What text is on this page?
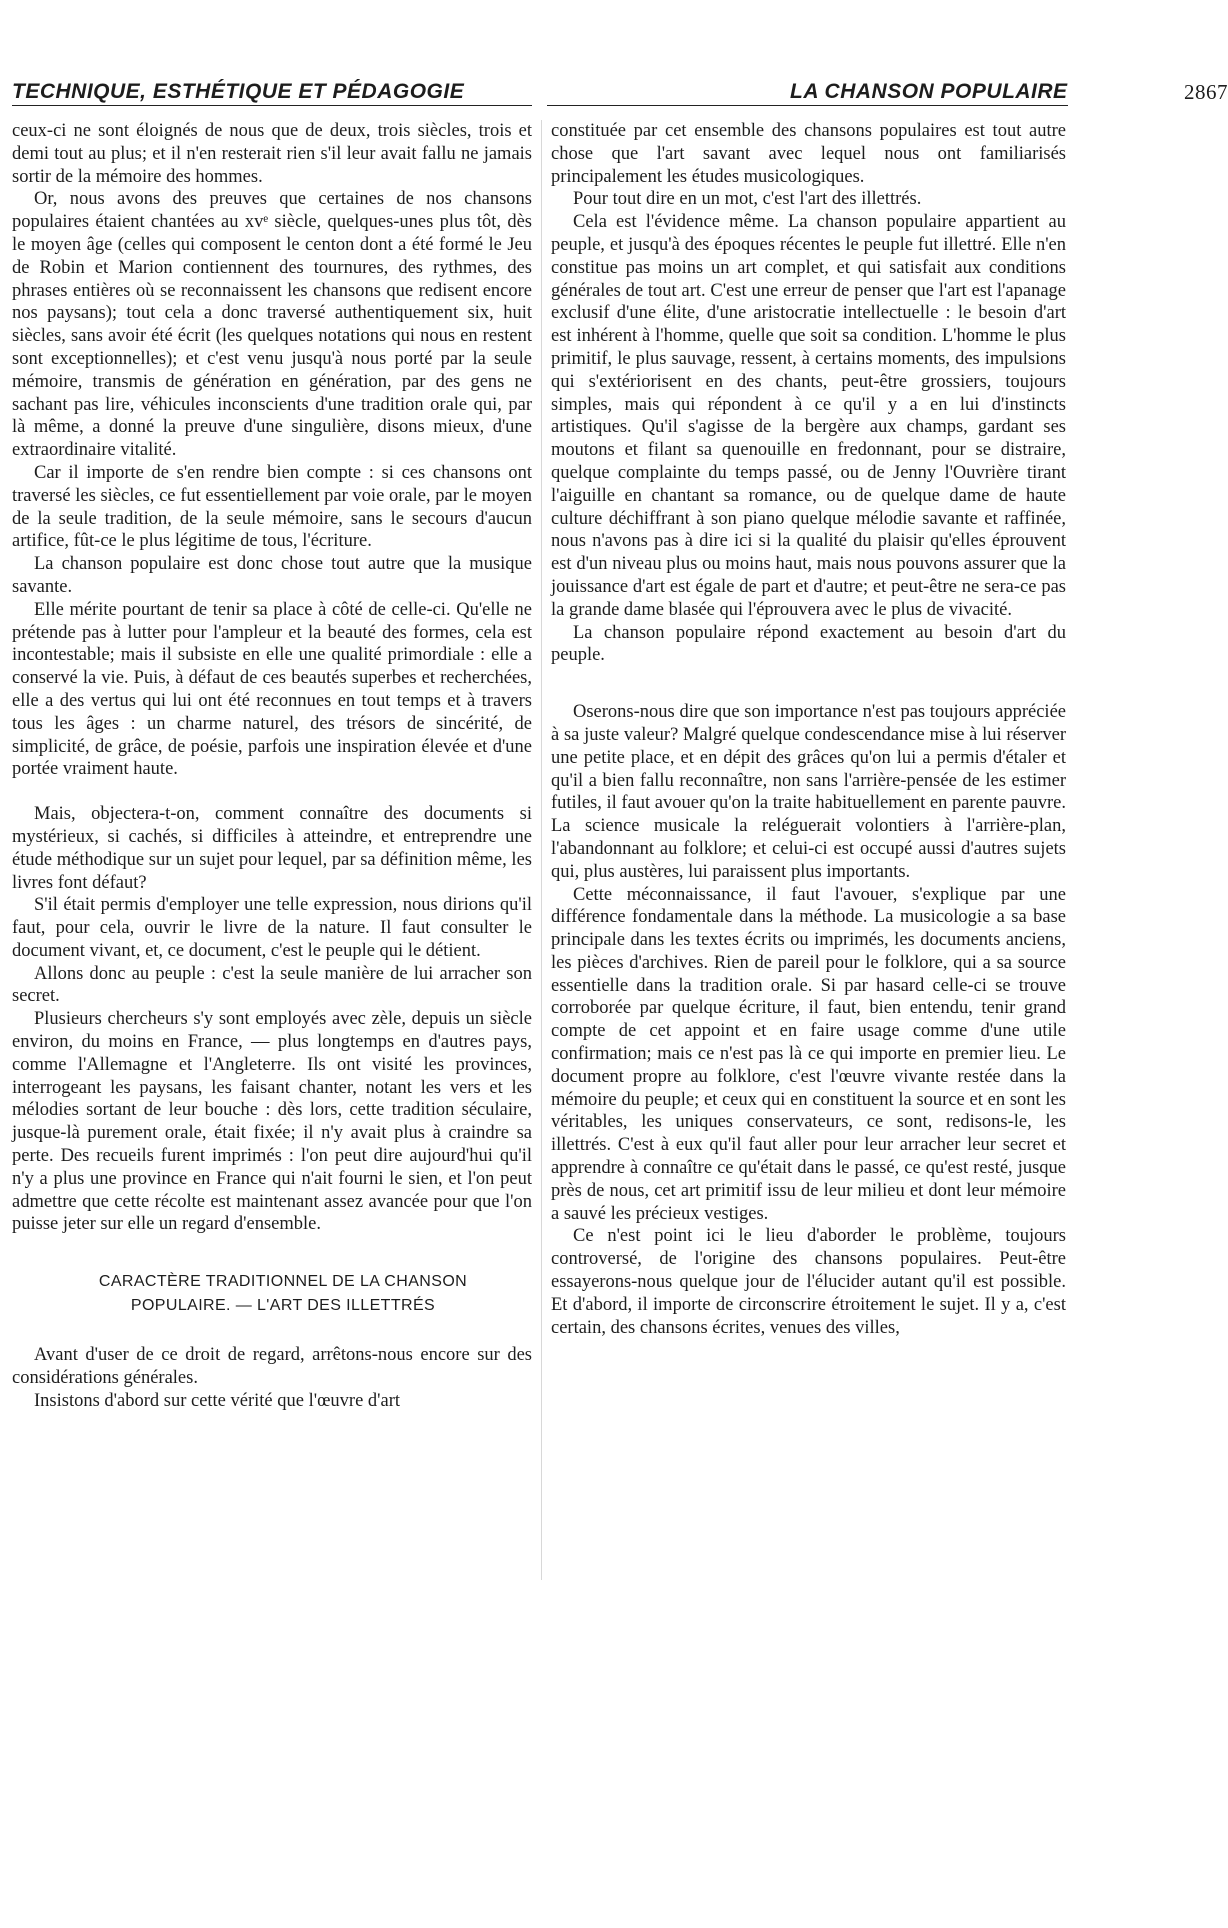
TECHNIQUE, ESTHÉTIQUE ET PÉDAGOGIE	LA CHANSON POPULAIRE	2867

ceux-ci ne sont éloignés de nous que de deux, trois siècles, trois et demi tout au plus; et il n'en resterait rien s'il leur avait fallu ne jamais sortir de la mémoire des hommes.

Or, nous avons des preuves que certaines de nos chansons populaires étaient chantées au xvᵉ siècle, quelques-unes plus tôt, dès le moyen âge (celles qui composent le centon dont a été formé le Jeu de Robin et Marion contiennent des tournures, des rythmes, des phrases entières où se reconnaissent les chansons que redisent encore nos paysans); tout cela a donc traversé authentiquement six, huit siècles, sans avoir été écrit (les quelques notations qui nous en restent sont exceptionnelles); et c'est venu jusqu'à nous porté par la seule mémoire, transmis de génération en génération, par des gens ne sachant pas lire, véhicules inconscients d'une tradition orale qui, par là même, a donné la preuve d'une singulière, disons mieux, d'une extraordinaire vitalité.

Car il importe de s'en rendre bien compte : si ces chansons ont traversé les siècles, ce fut essentiellement par voie orale, par le moyen de la seule tradition, de la seule mémoire, sans le secours d'aucun artifice, fût-ce le plus légitime de tous, l'écriture.

La chanson populaire est donc chose tout autre que la musique savante.

Elle mérite pourtant de tenir sa place à côté de celle-ci. Qu'elle ne prétende pas à lutter pour l'ampleur et la beauté des formes, cela est incontestable; mais il subsiste en elle une qualité primordiale : elle a conservé la vie. Puis, à défaut de ces beautés superbes et recherchées, elle a des vertus qui lui ont été reconnues en tout temps et à travers tous les âges : un charme naturel, des trésors de sincérité, de simplicité, de grâce, de poésie, parfois une inspiration élevée et d'une portée vraiment haute.

Mais, objectera-t-on, comment connaître des documents si mystérieux, si cachés, si difficiles à atteindre, et entreprendre une étude méthodique sur un sujet pour lequel, par sa définition même, les livres font défaut?

S'il était permis d'employer une telle expression, nous dirions qu'il faut, pour cela, ouvrir le livre de la nature. Il faut consulter le document vivant, et, ce document, c'est le peuple qui le détient.

Allons donc au peuple : c'est la seule manière de lui arracher son secret.

Plusieurs chercheurs s'y sont employés avec zèle, depuis un siècle environ, du moins en France, — plus longtemps en d'autres pays, comme l'Allemagne et l'Angleterre. Ils ont visité les provinces, interrogeant les paysans, les faisant chanter, notant les vers et les mélodies sortant de leur bouche : dès lors, cette tradition séculaire, jusque-là purement orale, était fixée; il n'y avait plus à craindre sa perte. Des recueils furent imprimés : l'on peut dire aujourd'hui qu'il n'y a plus une province en France qui n'ait fourni le sien, et l'on peut admettre que cette récolte est maintenant assez avancée pour que l'on puisse jeter sur elle un regard d'ensemble.

CARACTÈRE TRADITIONNEL DE LA CHANSON

POPULAIRE. — L'ART DES ILLETTRÉS

Avant d'user de ce droit de regard, arrêtons-nous encore sur des considérations générales.

Insistons d'abord sur cette vérité que l'œuvre d'art

constituée par cet ensemble des chansons populaires est tout autre chose que l'art savant avec lequel nous ont familiarisés principalement les études musicologiques.

Pour tout dire en un mot, c'est l'art des illettrés.

Cela est l'évidence même. La chanson populaire appartient au peuple, et jusqu'à des époques récentes le peuple fut illettré. Elle n'en constitue pas moins un art complet, et qui satisfait aux conditions générales de tout art. C'est une erreur de penser que l'art est l'apanage exclusif d'une élite, d'une aristocratie intellectuelle : le besoin d'art est inhérent à l'homme, quelle que soit sa condition. L'homme le plus primitif, le plus sauvage, ressent, à certains moments, des impulsions qui s'extériorisent en des chants, peut-être grossiers, toujours simples, mais qui répondent à ce qu'il y a en lui d'instincts artistiques. Qu'il s'agisse de la bergère aux champs, gardant ses moutons et filant sa quenouille en fredonnant, pour se distraire, quelque complainte du temps passé, ou de Jenny l'Ouvrière tirant l'aiguille en chantant sa romance, ou de quelque dame de haute culture déchiffrant à son piano quelque mélodie savante et raffinée, nous n'avons pas à dire ici si la qualité du plaisir qu'elles éprouvent est d'un niveau plus ou moins haut, mais nous pouvons assurer que la jouissance d'art est égale de part et d'autre; et peut-être ne sera-ce pas la grande dame blasée qui l'éprouvera avec le plus de vivacité.

La chanson populaire répond exactement au besoin d'art du peuple.

Oserons-nous dire que son importance n'est pas toujours appréciée à sa juste valeur? Malgré quelque condescendance mise à lui réserver une petite place, et en dépit des grâces qu'on lui a permis d'étaler et qu'il a bien fallu reconnaître, non sans l'arrière-pensée de les estimer futiles, il faut avouer qu'on la traite habituellement en parente pauvre. La science musicale la reléguerait volontiers à l'arrière-plan, l'abandonnant au folklore; et celui-ci est occupé aussi d'autres sujets qui, plus austères, lui paraissent plus importants.

Cette méconnaissance, il faut l'avouer, s'explique par une différence fondamentale dans la méthode. La musicologie a sa base principale dans les textes écrits ou imprimés, les documents anciens, les pièces d'archives. Rien de pareil pour le folklore, qui a sa source essentielle dans la tradition orale. Si par hasard celle-ci se trouve corroborée par quelque écriture, il faut, bien entendu, tenir grand compte de cet appoint et en faire usage comme d'une utile confirmation; mais ce n'est pas là ce qui importe en premier lieu. Le document propre au folklore, c'est l'œuvre vivante restée dans la mémoire du peuple; et ceux qui en constituent la source et en sont les véritables, les uniques conservateurs, ce sont, redisons-le, les illettrés. C'est à eux qu'il faut aller pour leur arracher leur secret et apprendre à connaître ce qu'était dans le passé, ce qu'est resté, jusque près de nous, cet art primitif issu de leur milieu et dont leur mémoire a sauvé les précieux vestiges.

Ce n'est point ici le lieu d'aborder le problème, toujours controversé, de l'origine des chansons populaires. Peut-être essayerons-nous quelque jour de l'élucider autant qu'il est possible. Et d'abord, il importe de circonscrire étroitement le sujet. Il y a, c'est certain, des chansons écrites, venues des villes,
